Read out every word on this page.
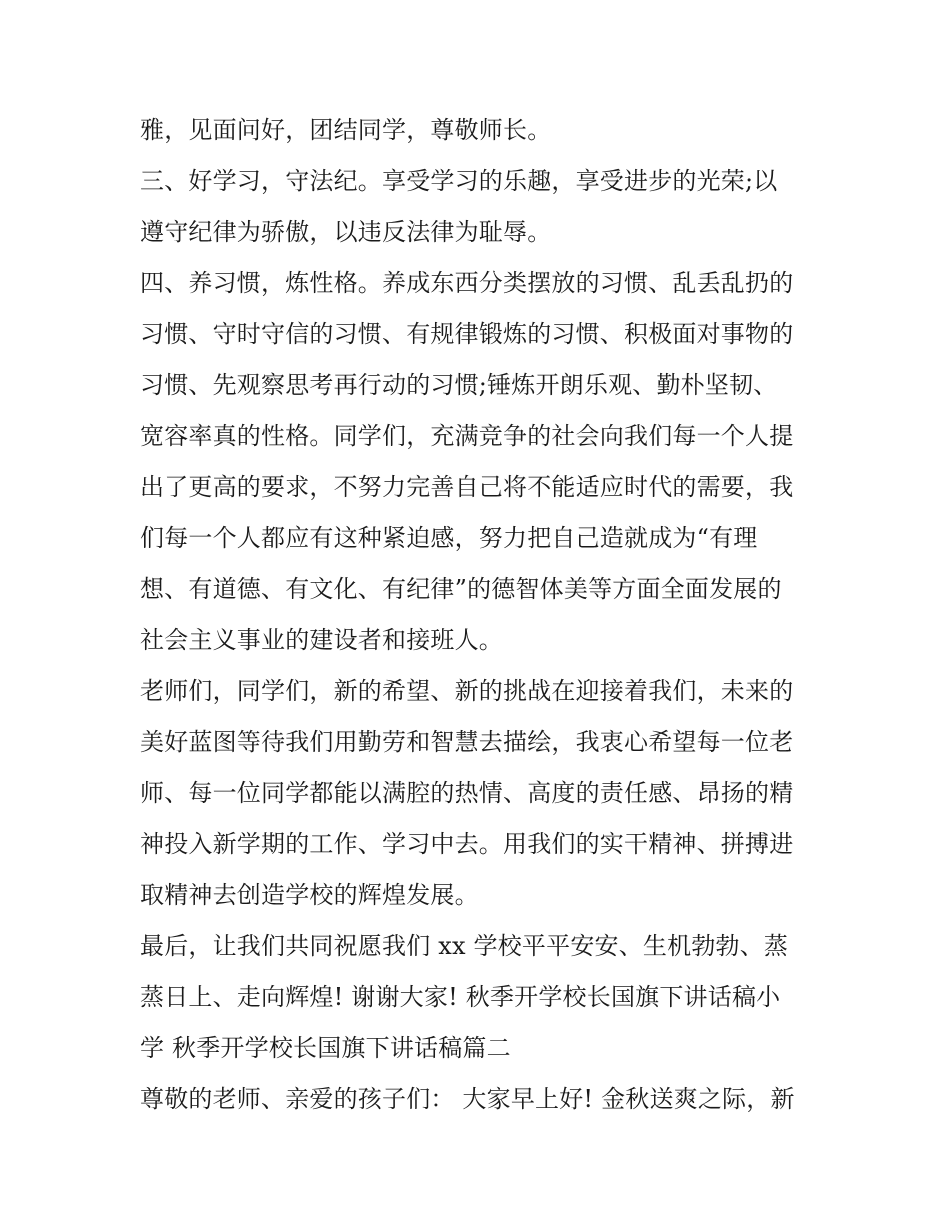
雅，见面问好，团结同学，尊敬师长。
三、好学习，守法纪。享受学习的乐趣，享受进步的光荣;以
遵守纪律为骄傲，以违反法律为耻辱。
四、养习惯，炼性格。养成东西分类摆放的习惯、乱丢乱扔的
习惯、守时守信的习惯、有规律锻炼的习惯、积极面对事物的
习惯、先观察思考再行动的习惯;锤炼开朗乐观、勤朴坚韧、
宽容率真的性格。同学们，充满竞争的社会向我们每一个人提
出了更高的要求，不努力完善自己将不能适应时代的需要，我
们每一个人都应有这种紧迫感，努力把自己造就成为“有理
想、有道德、有文化、有纪律”的德智体美等方面全面发展的
社会主义事业的建设者和接班人。
老师们，同学们，新的希望、新的挑战在迎接着我们，未来的
美好蓝图等待我们用勤劳和智慧去描绘，我衷心希望每一位老
师、每一位同学都能以满腔的热情、高度的责任感、昂扬的精
神投入新学期的工作、学习中去。用我们的实干精神、拼搏进
取精神去创造学校的辉煌发展。
最后，让我们共同祝愿我们 xx 学校平平安安、生机勃勃、蒸
蒸日上、走向辉煌! 谢谢大家! 秋季开学校长国旗下讲话稿小
学 秋季开学校长国旗下讲话稿篇二
尊敬的老师、亲爱的孩子们： 大家早上好! 金秋送爽之际，新
